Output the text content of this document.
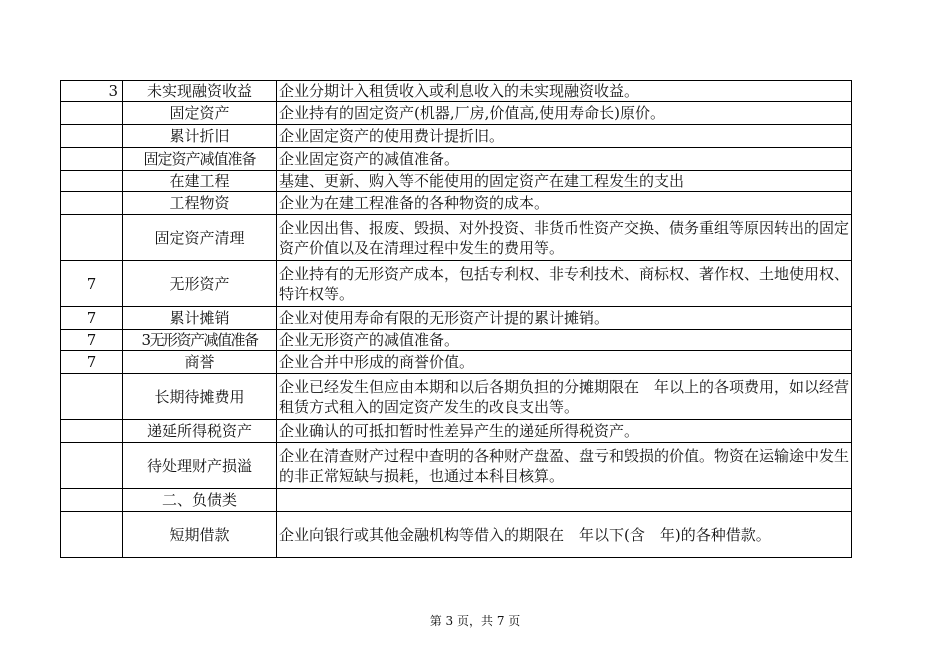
3	未实现融资收益	企业分期计入租赁收入或利息收入的未实现融资收益。
	固定资产	企业持有的固定资产(机器,厂房,价值高,使用寿命长)原价。
	累计折旧	企业固定资产的使用费计提折旧。
	固定资产减值准备	企业固定资产的减值准备。
	在建工程	基建、更新、购入等不能使用的固定资产在建工程发生的支出
	工程物资	企业为在建工程准备的各种物资的成本。
	固定资产清理	企业因出售、报废、毁损、对外投资、非货币性资产交换、债务重组等原因转出的固定资产价值以及在清理过程中发生的费用等。
7	无形资产	企业持有的无形资产成本，包括专利权、非专利技术、商标权、著作权、土地使用权、特许权等。
7	累计摊销	企业对使用寿命有限的无形资产计提的累计摊销。
7	3无形资产减值准备	企业无形资产的减值准备。
7	商誉	企业合并中形成的商誉价值。
	长期待摊费用	企业已经发生但应由本期和以后各期负担的分摊期限在　年以上的各项费用，如以经营租赁方式租入的固定资产发生的改良支出等。
	递延所得税资产	企业确认的可抵扣暂时性差异产生的递延所得税资产。
	待处理财产损溢	企业在清查财产过程中查明的各种财产盘盈、盘亏和毁损的价值。物资在运输途中发生的非正常短缺与损耗，也通过本科目核算。
	二、负债类	
	短期借款	企业向银行或其他金融机构等借入的期限在　年以下(含　年)的各种借款。
第 3 页，共 7 页
